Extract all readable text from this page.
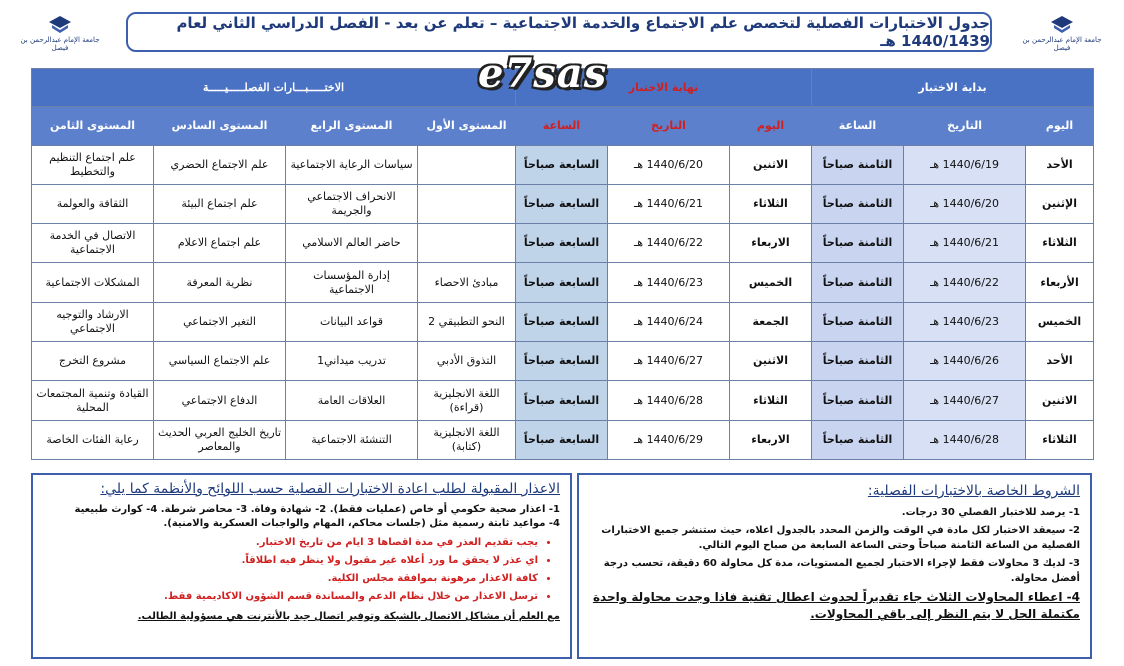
جامعة الإمام عبدالرحمن بن فيصل
جامعة الإمام عبدالرحمن بن فيصل
جدول الاختبارات الفصلية لتخصص علم الاجتماع والخدمة الاجتماعية – تعلم عن بعد - الفصل الدراسي الثاني لعام 1440/1439 هـ
بداية الاختبار			نهاية الاختبار			الاختـــــبـــارات الفصلـــــيـــــة			
اليوم	التاريخ	الساعة	اليوم	التاريخ	الساعة	المستوى الأول	المستوى الرابع	المستوى السادس	المستوى الثامن
الأحد	1440/6/19 هـ	الثامنة صباحاً	الاثنين	1440/6/20 هـ	السابعة صباحاً		سياسات الرعاية الاجتماعية	علم الاجتماع الحضري	علم اجتماع التنظيم والتخطيط
الإثنين	1440/6/20 هـ	الثامنة صباحاً	الثلاثاء	1440/6/21 هـ	السابعة صباحاً		الانحراف الاجتماعي والجريمة	علم اجتماع البيئة	الثقافة والعولمة
الثلاثاء	1440/6/21 هـ	الثامنة صباحاً	الاربعاء	1440/6/22 هـ	السابعة صباحاً		حاضر العالم الاسلامي	علم اجتماع الاعلام	الاتصال في الخدمة الاجتماعية
الأربعاء	1440/6/22 هـ	الثامنة صباحاً	الخميس	1440/6/23 هـ	السابعة صباحاً	مبادئ الاحصاء	إدارة المؤسسات الاجتماعية	نظرية المعرفة	المشكلات الاجتماعية
الخميس	1440/6/23 هـ	الثامنة صباحاً	الجمعة	1440/6/24 هـ	السابعة صباحاً	النحو التطبيقي 2	قواعد البيانات	التغير الاجتماعي	الارشاد والتوجيه الاجتماعي
الأحد	1440/6/26 هـ	الثامنة صباحاً	الاثنين	1440/6/27 هـ	السابعة صباحاً	التذوق الأدبي	تدريب ميداني1	علم الاجتماع السياسي	مشروع التخرج
الاثنين	1440/6/27 هـ	الثامنة صباحاً	الثلاثاء	1440/6/28 هـ	السابعة صباحاً	اللغة الانجليزية (قراءة)	العلاقات العامة	الدفاع الاجتماعي	القيادة وتنمية المجتمعات المحلية
الثلاثاء	1440/6/28 هـ	الثامنة صباحاً	الاربعاء	1440/6/29 هـ	السابعة صباحاً	اللغة الانجليزية (كتابة)	التنشئة الاجتماعية	تاريخ الخليج العربي الحديث والمعاصر	رعاية الفئات الخاصة
الشروط الخاصة بالاختبارات الفصلية:
1- يرصد للاختبار الفصلي 30 درجات.
2- سيعقد الاختبار لكل مادة في الوقت والزمن المحدد بالجدول اعلاه، حيث ستنشر جميع الاختبارات الفصلية من الساعة الثامنة صباحاً وحتى الساعة السابعة من صباح اليوم التالي.
3- لديك 3 محاولات فقط لإجراء الاختبار لجميع المستويات، مدة كل محاولة 60 دقيقة، تحسب درجة أفضل محاولة.
4- اعطاء المحاولات الثلاث جاء تقديراً لحدوث اعطال تقنية فاذا وجدت محاولة واحدة مكتملة الحل لا يتم النظر إلى باقي المحاولات.
الاعذار المقبولة لطلب اعادة الاختبارات الفصلية حسب اللوائح والأنظمة كما يلي:

1- اعذار صحية حكومي أو خاص (عمليات فقط). 2- شهادة وفاة. 3- محاضر شرطة. 4- كوارث طبيعية

4- مواعيد ثابتة رسمية مثل (جلسات محاكم، المهام والواجبات العسكرية والامنية).

• يجب تقديم العذر في مدة اقصاها 3 ايام من تاريخ الاختبار.
• اي عذر لا يحقق ما ورد أعلاه غير مقبول ولا ينظر فيه اطلاقاً.
• كافة الاعذار مرهونة بموافقة مجلس الكلية.
• ترسل الاعذار من خلال نظام الدعم والمساندة قسم الشؤون الاكاديمية فقط.
مع العلم أن مشاكل الاتصال بالشبكة وتوفير اتصال جيد بالأنترنت هي مسؤولية الطالب.
e7sas
